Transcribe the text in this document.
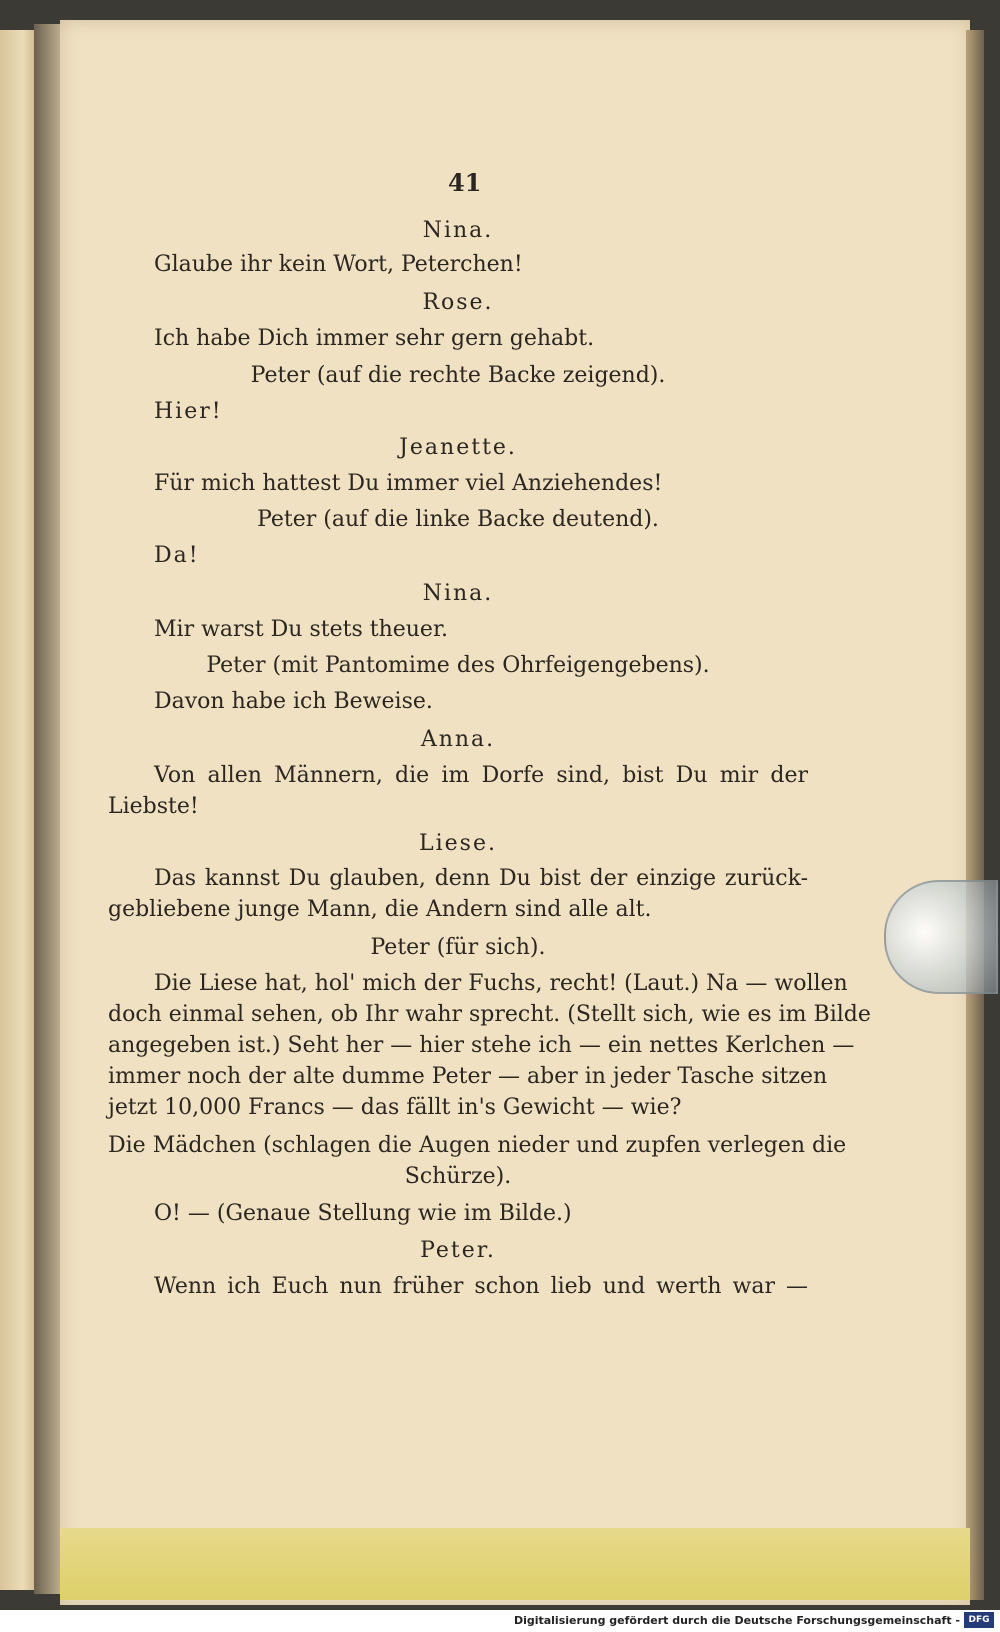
41
Nina.
Glaube ihr kein Wort, Peterchen!
Rose.
Ich habe Dich immer sehr gern gehabt.
Peter (auf die rechte Backe zeigend).
Hier!
Jeanette.
Für mich hattest Du immer viel Anziehendes!
Peter (auf die linke Backe deutend).
Da!
Nina.
Mir warst Du stets theuer.
Peter (mit Pantomime des Ohrfeigengebens).
Davon habe ich Beweise.
Anna.
Von allen Männern, die im Dorfe sind, bist Du mir der
Liebste!
Liese.
Das kannst Du glauben, denn Du bist der einzige zurück-
gebliebene junge Mann, die Andern sind alle alt.
Peter (für sich).
Die Liese hat, hol' mich der Fuchs, recht! (Laut.) Na — wollen
doch einmal sehen, ob Ihr wahr sprecht. (Stellt sich, wie es im Bilde
angegeben ist.) Seht her — hier stehe ich — ein nettes Kerlchen —
immer noch der alte dumme Peter — aber in jeder Tasche sitzen
jetzt 10,000 Francs — das fällt in's Gewicht — wie?
Die Mädchen (schlagen die Augen nieder und zupfen verlegen die
Schürze).
O! — (Genaue Stellung wie im Bilde.)
Peter.
Wenn ich Euch nun früher schon lieb und werth war —
Digitalisierung gefördert durch die Deutsche Forschungsgemeinschaft - DFG
